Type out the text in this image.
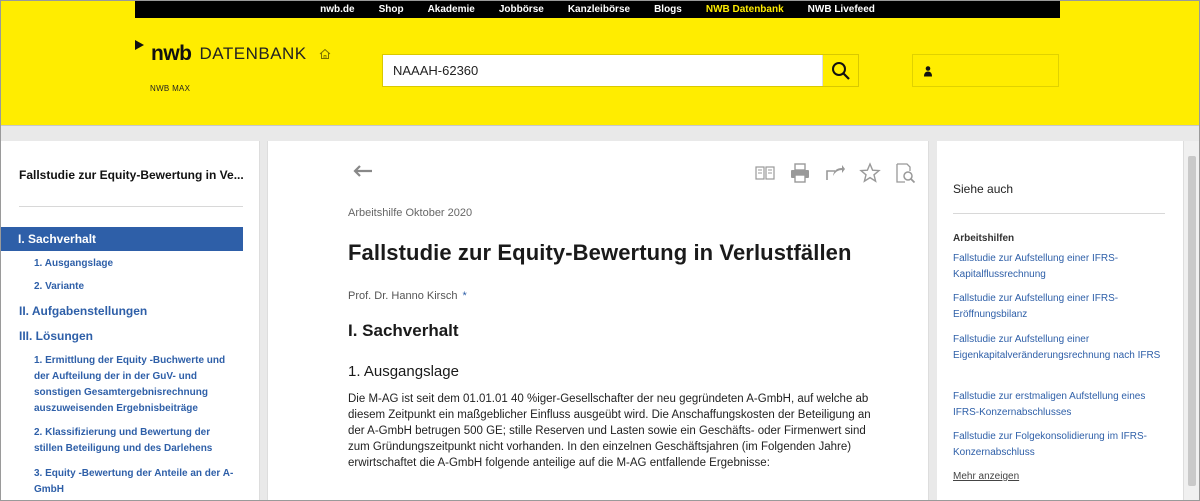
nwb.de Shop Akademie Jobbörse Kanzleibörse Blogs NWB Datenbank NWB Livefeed
nwb DATENBANK
NWB MAX
NAAAH-62360
Fallstudie zur Equity-Bewertung in Ve...
I. Sachverhalt
1. Ausgangslage
2. Variante
II. Aufgabenstellungen
III. Lösungen
1. Ermittlung der Equity -Buchwerte und der Aufteilung der in der GuV- und sonstigen Gesamtergebnisrechnung auszuweisenden Ergebnisbeiträge
2. Klassifizierung und Bewertung der stillen Beteiligung und des Darlehens
3. Equity -Bewertung der Anteile an der A-GmbH
Arbeitshilfe Oktober 2020
Fallstudie zur Equity-Bewertung in Verlustfällen
Prof. Dr. Hanno Kirsch *
I. Sachverhalt
1. Ausgangslage
Die M-AG ist seit dem 01.01.01 40 %iger-Gesellschafter der neu gegründeten A-GmbH, auf welche ab diesem Zeitpunkt ein maßgeblicher Einfluss ausgeübt wird. Die Anschaffungskosten der Beteiligung an der A-GmbH betrugen 500 GE; stille Reserven und Lasten sowie ein Geschäfts- oder Firmenwert sind zum Gründungszeitpunkt nicht vorhanden. In den einzelnen Geschäftsjahren (im Folgenden Jahre) erwirtschaftet die A-GmbH folgende anteilige auf die M-AG entfallende Ergebnisse:
Siehe auch
Arbeitshilfen
Fallstudie zur Aufstellung einer IFRS-Kapitalflussrechnung
Fallstudie zur Aufstellung einer IFRS-Eröffnungsbilanz
Fallstudie zur Aufstellung einer Eigenkapitalveränderungsrechnung nach IFRS
Fallstudie zur erstmaligen Aufstellung eines IFRS-Konzernabschlusses
Fallstudie zur Folgekonsolidierung im IFRS-Konzernabschluss
Mehr anzeigen
